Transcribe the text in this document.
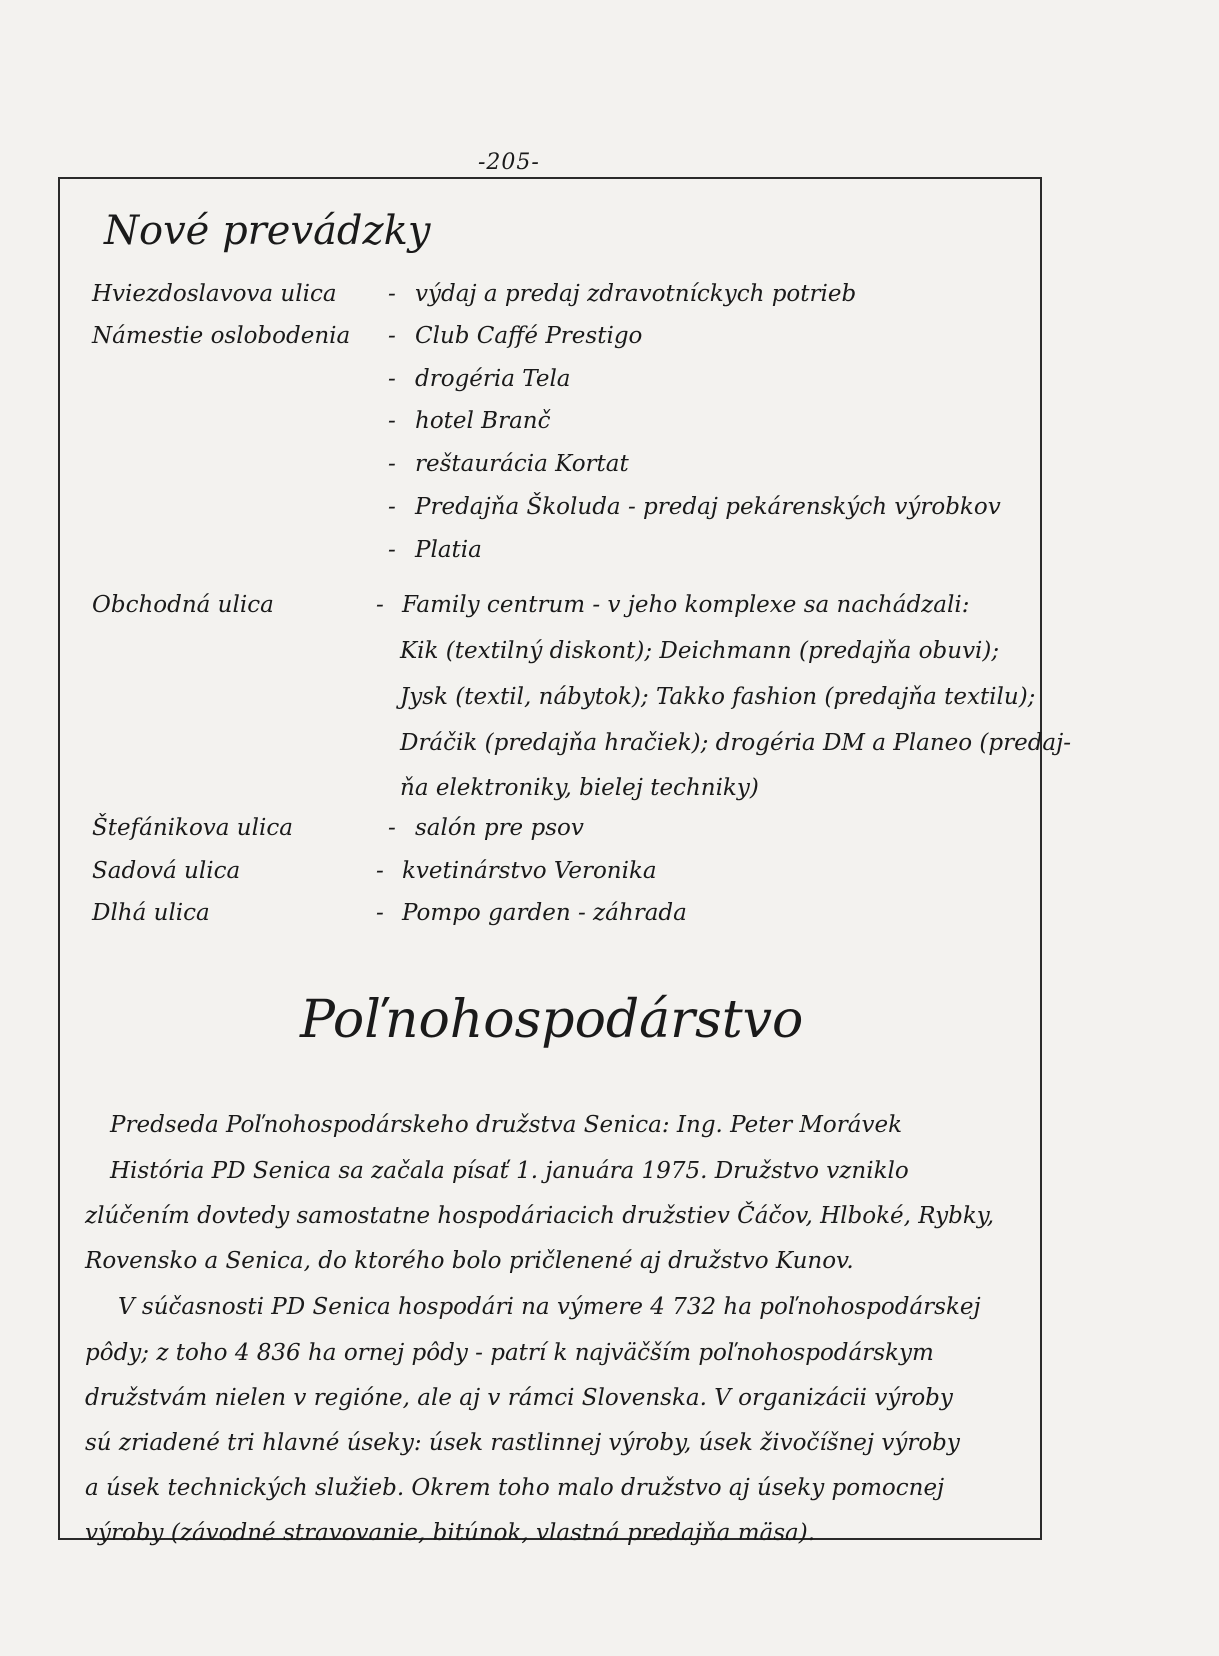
-205-
Nové prevádzky
Hviezdoslavova ulica - výdaj a predaj zdravotníckych potrieb
Námestie oslobodenia - Club Caffé Prestigo
- drogéria Tela
- hotel Branč
- reštaurácia Kortat
- Predajňa Školuda - predaj pekárenských výrobkov
- Platia
Obchodná ulica	- Family centrum - v jeho komplexe sa nachádzali:
Kik (textilný diskont); Deichmann (predajňa obuvi);
Jysk (textil, nábytok); Takko fashion (predajňa textilu);
Dráčik (predajňa hračiek); drogéria DM a Planeo (predaj-
ňa elektroniky, bielej techniky)
Štefánikova ulica	- salón pre psov
Sadová ulica	- kvetinárstvo Veronika
Dlhá ulica	- Pompo garden - záhrada
Poľnohospodárstvo
Predseda Poľnohospodárskeho družstva Senica: Ing. Peter Morávek
História PD Senica sa začala písať 1. januára 1975. Družstvo vzniklo
zlúčením dovtedy samostatne hospodáriacich družstiev Čáčov, Hlboké, Rybky,
Rovensko a Senica, do ktorého bolo pričlenené aj družstvo Kunov.
V súčasnosti PD Senica hospodári na výmere 4 732 ha poľnohospodárskej
pôdy; z toho 4 836 ha ornej pôdy - patrí k najväčším poľnohospodárskym
družstvám nielen v regióne, ale aj v rámci Slovenska. V organizácii výroby
sú zriadené tri hlavné úseky: úsek rastlinnej výroby, úsek živočíšnej výroby
a úsek technických služieb. Okrem toho malo družstvo aj úseky pomocnej
výroby (závodné stravovanie, bitúnok, vlastná predajňa mäsa).
